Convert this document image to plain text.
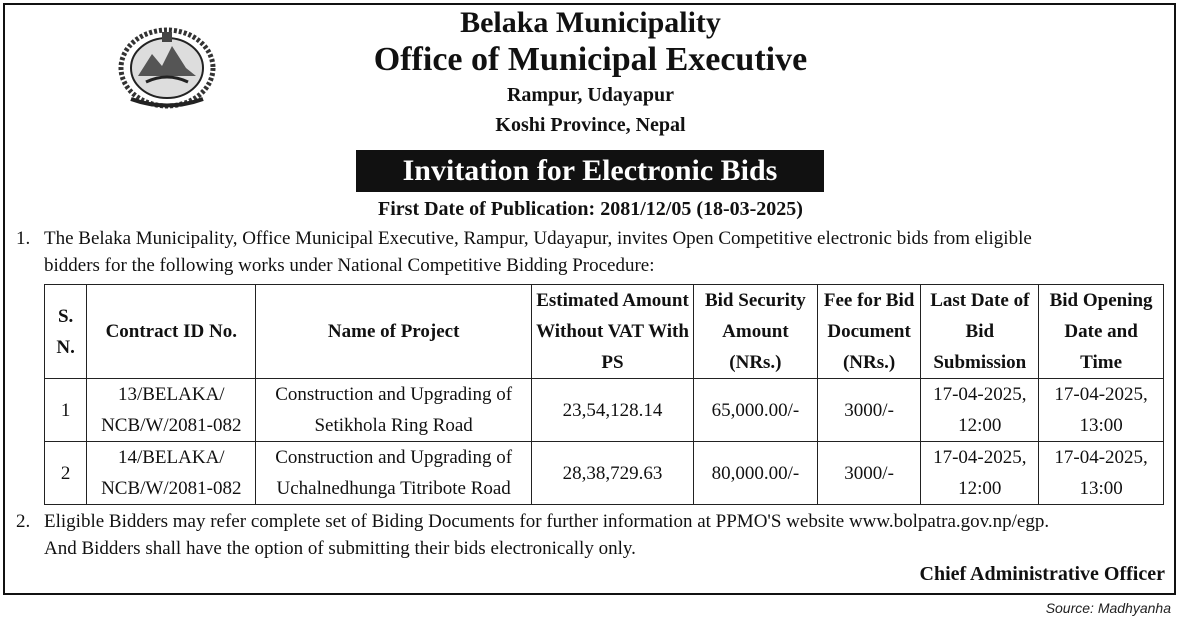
Belaka Municipality
Office of Municipal Executive
Rampur, Udayapur
Koshi Province, Nepal
Invitation for Electronic Bids
First Date of Publication: 2081/12/05 (18-03-2025)
1. The Belaka Municipality, Office Municipal Executive, Rampur, Udayapur, invites Open Competitive electronic bids from eligible
bidders for the following works under National Competitive Bidding Procedure:
S. N.	Contract ID No.	Name of Project	Estimated Amount Without VAT With PS	Bid Security Amount (NRs.)	Fee for Bid Document (NRs.)	Last Date of Bid Submission	Bid Opening Date and Time
1	13/BELAKA/ NCB/W/2081-082	Construction and Upgrading of Setikhola Ring Road	23,54,128.14	65,000.00/-	3000/-	17-04-2025, 12:00	17-04-2025, 13:00
2	14/BELAKA/ NCB/W/2081-082	Construction and Upgrading of Uchalnedhunga Titribote Road	28,38,729.63	80,000.00/-	3000/-	17-04-2025, 12:00	17-04-2025, 13:00
2. Eligible Bidders may refer complete set of Biding Documents for further information at PPMO'S website www.bolpatra.gov.np/egp.
And Bidders shall have the option of submitting their bids electronically only.
Chief Administrative Officer
Source: Madhyanha
